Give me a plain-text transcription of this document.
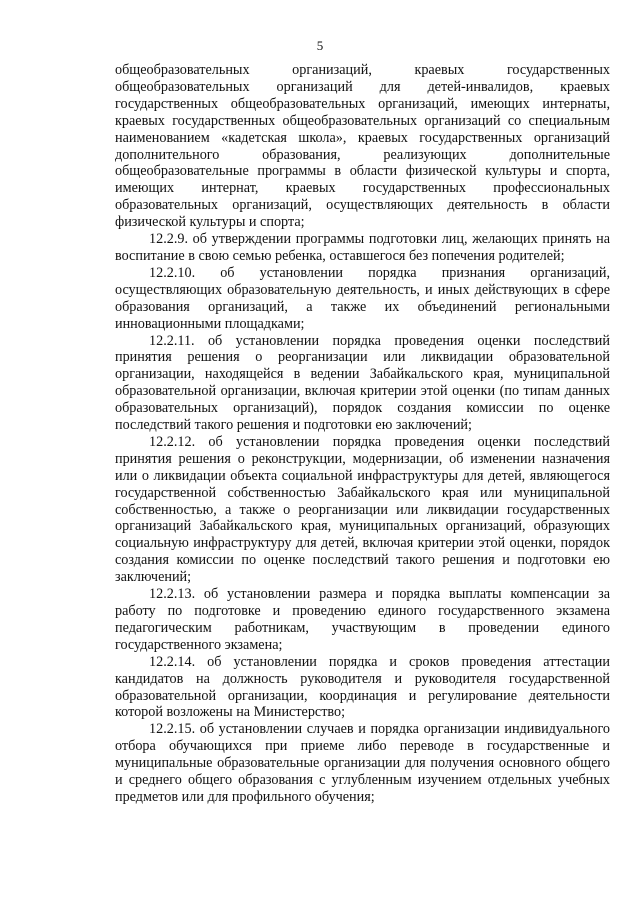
5

общеобразовательных организаций, краевых государственных общеобразовательных организаций для детей-инвалидов, краевых государственных общеобразовательных организаций, имеющих интернаты, краевых государственных общеобразовательных организаций со специальным наименованием «кадетская школа», краевых государственных организаций дополнительного образования, реализующих дополнительные общеобразовательные программы в области физической культуры и спорта, имеющих интернат, краевых государственных профессиональных образовательных организаций, осуществляющих деятельность в области физической культуры и спорта;

12.2.9. об утверждении программы подготовки лиц, желающих принять на воспитание в свою семью ребенка, оставшегося без попечения родителей;

12.2.10. об установлении порядка признания организаций, осуществляющих образовательную деятельность, и иных действующих в сфере образования организаций, а также их объединений региональными инновационными площадками;

12.2.11. об установлении порядка проведения оценки последствий принятия решения о реорганизации или ликвидации образовательной организации, находящейся в ведении Забайкальского края, муниципальной образовательной организации, включая критерии этой оценки (по типам данных образовательных организаций), порядок создания комиссии по оценке последствий такого решения и подготовки ею заключений;

12.2.12. об установлении порядка проведения оценки последствий принятия решения о реконструкции, модернизации, об изменении назначения или о ликвидации объекта социальной инфраструктуры для детей, являющегося государственной собственностью Забайкальского края или муниципальной собственностью, а также о реорганизации или ликвидации государственных организаций Забайкальского края, муниципальных организаций, образующих социальную инфраструктуру для детей, включая критерии этой оценки, порядок создания комиссии по оценке последствий такого решения и подготовки ею заключений;

12.2.13. об установлении размера и порядка выплаты компенсации за работу по подготовке и проведению единого государственного экзамена педагогическим работникам, участвующим в проведении единого государственного экзамена;

12.2.14. об установлении порядка и сроков проведения аттестации кандидатов на должность руководителя и руководителя государственной образовательной организации, координация и регулирование деятельности которой возложены на Министерство;

12.2.15. об установлении случаев и порядка организации индивидуального отбора обучающихся при приеме либо переводе в государственные и муниципальные образовательные организации для получения основного общего и среднего общего образования с углубленным изучением отдельных учебных предметов или для профильного обучения;
